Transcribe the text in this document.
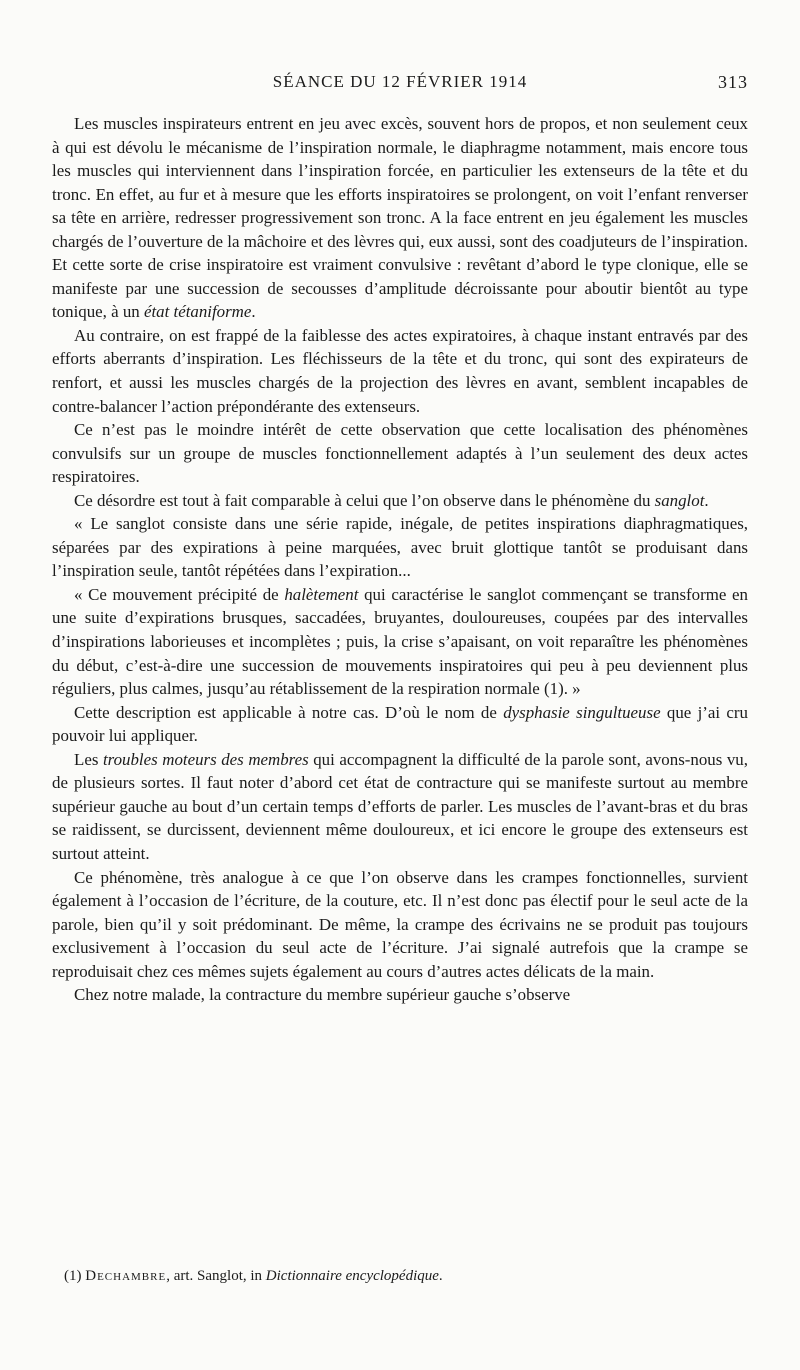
SÉANCE DU 12 FÉVRIER 1914	313

Les muscles inspirateurs entrent en jeu avec excès, souvent hors de propos, et non seulement ceux à qui est dévolu le mécanisme de l’inspiration normale, le diaphragme notamment, mais encore tous les muscles qui interviennent dans l’inspiration forcée, en particulier les extenseurs de la tête et du tronc. En effet, au fur et à mesure que les efforts inspiratoires se prolongent, on voit l’enfant renverser sa tête en arrière, redresser progressivement son tronc. A la face entrent en jeu également les muscles chargés de l’ouverture de la mâchoire et des lèvres qui, eux aussi, sont des coadjuteurs de l’inspiration. Et cette sorte de crise inspiratoire est vraiment convulsive : revêtant d’abord le type clonique, elle se manifeste par une succession de secousses d’amplitude décroissante pour aboutir bientôt au type tonique, à un état tétaniforme.

Au contraire, on est frappé de la faiblesse des actes expiratoires, à chaque instant entravés par des efforts aberrants d’inspiration. Les fléchisseurs de la tête et du tronc, qui sont des expirateurs de renfort, et aussi les muscles chargés de la projection des lèvres en avant, semblent incapables de contre-balancer l’action prépondérante des extenseurs.

Ce n’est pas le moindre intérêt de cette observation que cette localisation des phénomènes convulsifs sur un groupe de muscles fonctionnellement adaptés à l’un seulement des deux actes respiratoires.

Ce désordre est tout à fait comparable à celui que l’on observe dans le phénomène du sanglot.

« Le sanglot consiste dans une série rapide, inégale, de petites inspirations diaphragmatiques, séparées par des expirations à peine marquées, avec bruit glottique tantôt se produisant dans l’inspiration seule, tantôt répétées dans l’expiration...

« Ce mouvement précipité de halètement qui caractérise le sanglot commençant se transforme en une suite d’expirations brusques, saccadées, bruyantes, douloureuses, coupées par des intervalles d’inspirations laborieuses et incomplètes ; puis, la crise s’apaisant, on voit reparaître les phénomènes du début, c’est-à-dire une succession de mouvements inspiratoires qui peu à peu deviennent plus réguliers, plus calmes, jusqu’au rétablissement de la respiration normale (1). »

Cette description est applicable à notre cas. D’où le nom de dysphasie singultueuse que j’ai cru pouvoir lui appliquer.

Les troubles moteurs des membres qui accompagnent la difficulté de la parole sont, avons-nous vu, de plusieurs sortes. Il faut noter d’abord cet état de contracture qui se manifeste surtout au membre supérieur gauche au bout d’un certain temps d’efforts de parler. Les muscles de l’avant-bras et du bras se raidissent, se durcissent, deviennent même douloureux, et ici encore le groupe des extenseurs est surtout atteint.

Ce phénomène, très analogue à ce que l’on observe dans les crampes fonctionnelles, survient également à l’occasion de l’écriture, de la couture, etc. Il n’est donc pas électif pour le seul acte de la parole, bien qu’il y soit prédominant. De même, la crampe des écrivains ne se produit pas toujours exclusivement à l’occasion du seul acte de l’écriture. J’ai signalé autrefois que la crampe se reproduisait chez ces mêmes sujets également au cours d’autres actes délicats de la main.

Chez notre malade, la contracture du membre supérieur gauche s’observe

(1) Dechambre, art. Sanglot, in Dictionnaire encyclopédique.
